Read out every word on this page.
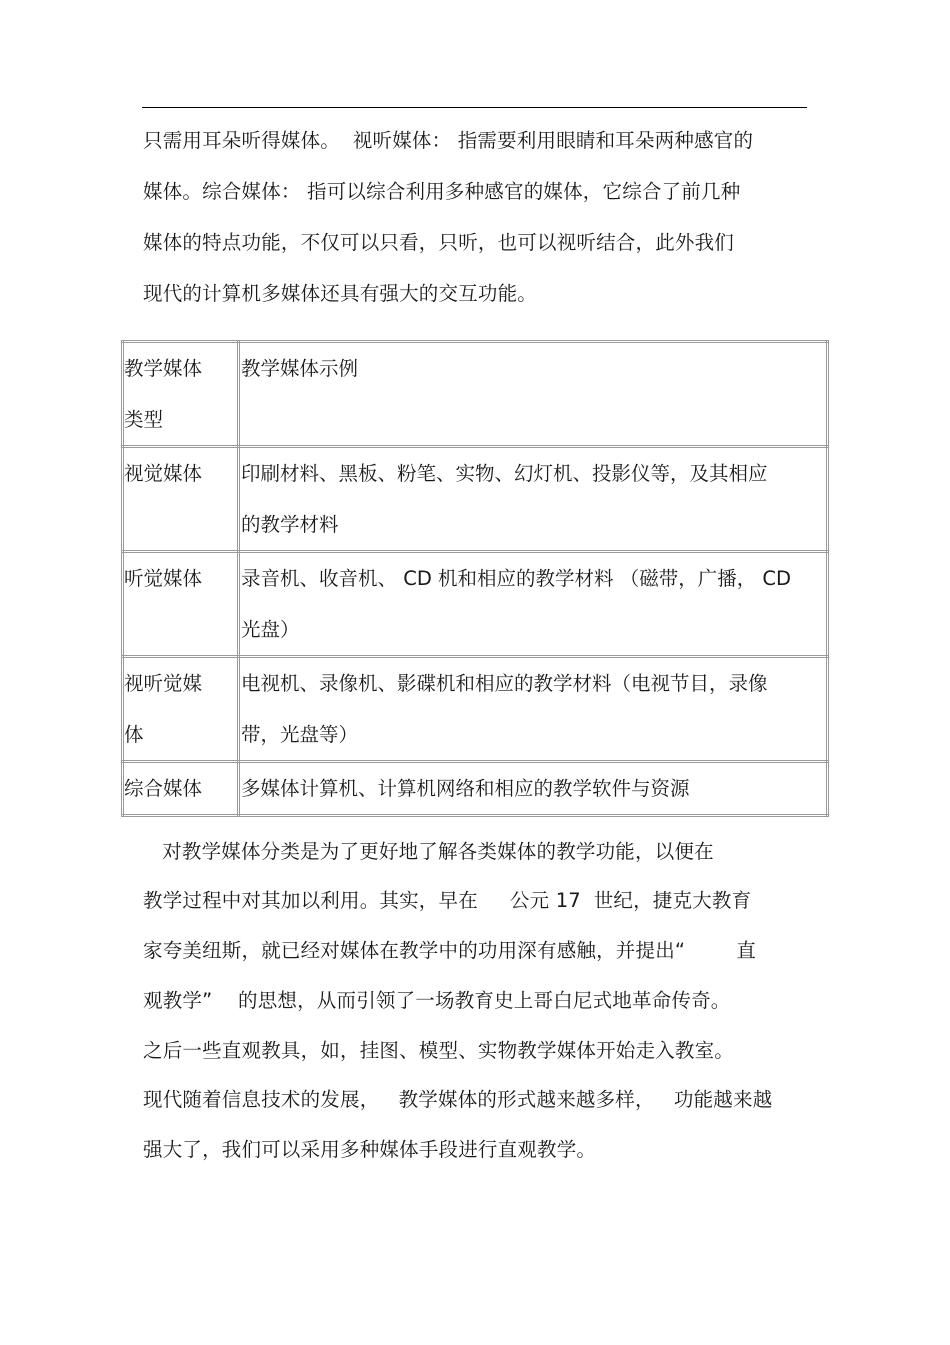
只需用耳朵听得媒体。  视听媒体： 指需要利用眼睛和耳朵两种感官的
媒体。综合媒体： 指可以综合利用多种感官的媒体，它综合了前几种
媒体的特点功能，不仅可以只看，只听，也可以视听结合，此外我们
现代的计算机多媒体还具有强大的交互功能。
教学媒体
类型	教学媒体示例

视觉媒体	印刷材料、黑板、粉笔、实物、幻灯机、投影仪等，及其相应
的教学材料

听觉媒体	录音机、收音机、 CD 机和相应的教学材料 （磁带，广播， CD
光盘）

视听觉媒
体	电视机、录像机、影碟机和相应的教学材料（电视节目，录像
带，光盘等）

综合媒体	多媒体计算机、计算机网络和相应的教学软件与资源
对教学媒体分类是为了更好地了解各类媒体的教学功能，以便在
教学过程中对其加以利用。其实，早在     公元 17  世纪，捷克大教育
家夸美纽斯，就已经对媒体在教学中的功用深有感触，并提出“        直
观教学”    的思想，从而引领了一场教育史上哥白尼式地革命传奇。
之后一些直观教具，如，挂图、模型、实物教学媒体开始走入教室。
现代随着信息技术的发展，   教学媒体的形式越来越多样，   功能越来越
强大了，我们可以采用多种媒体手段进行直观教学。
